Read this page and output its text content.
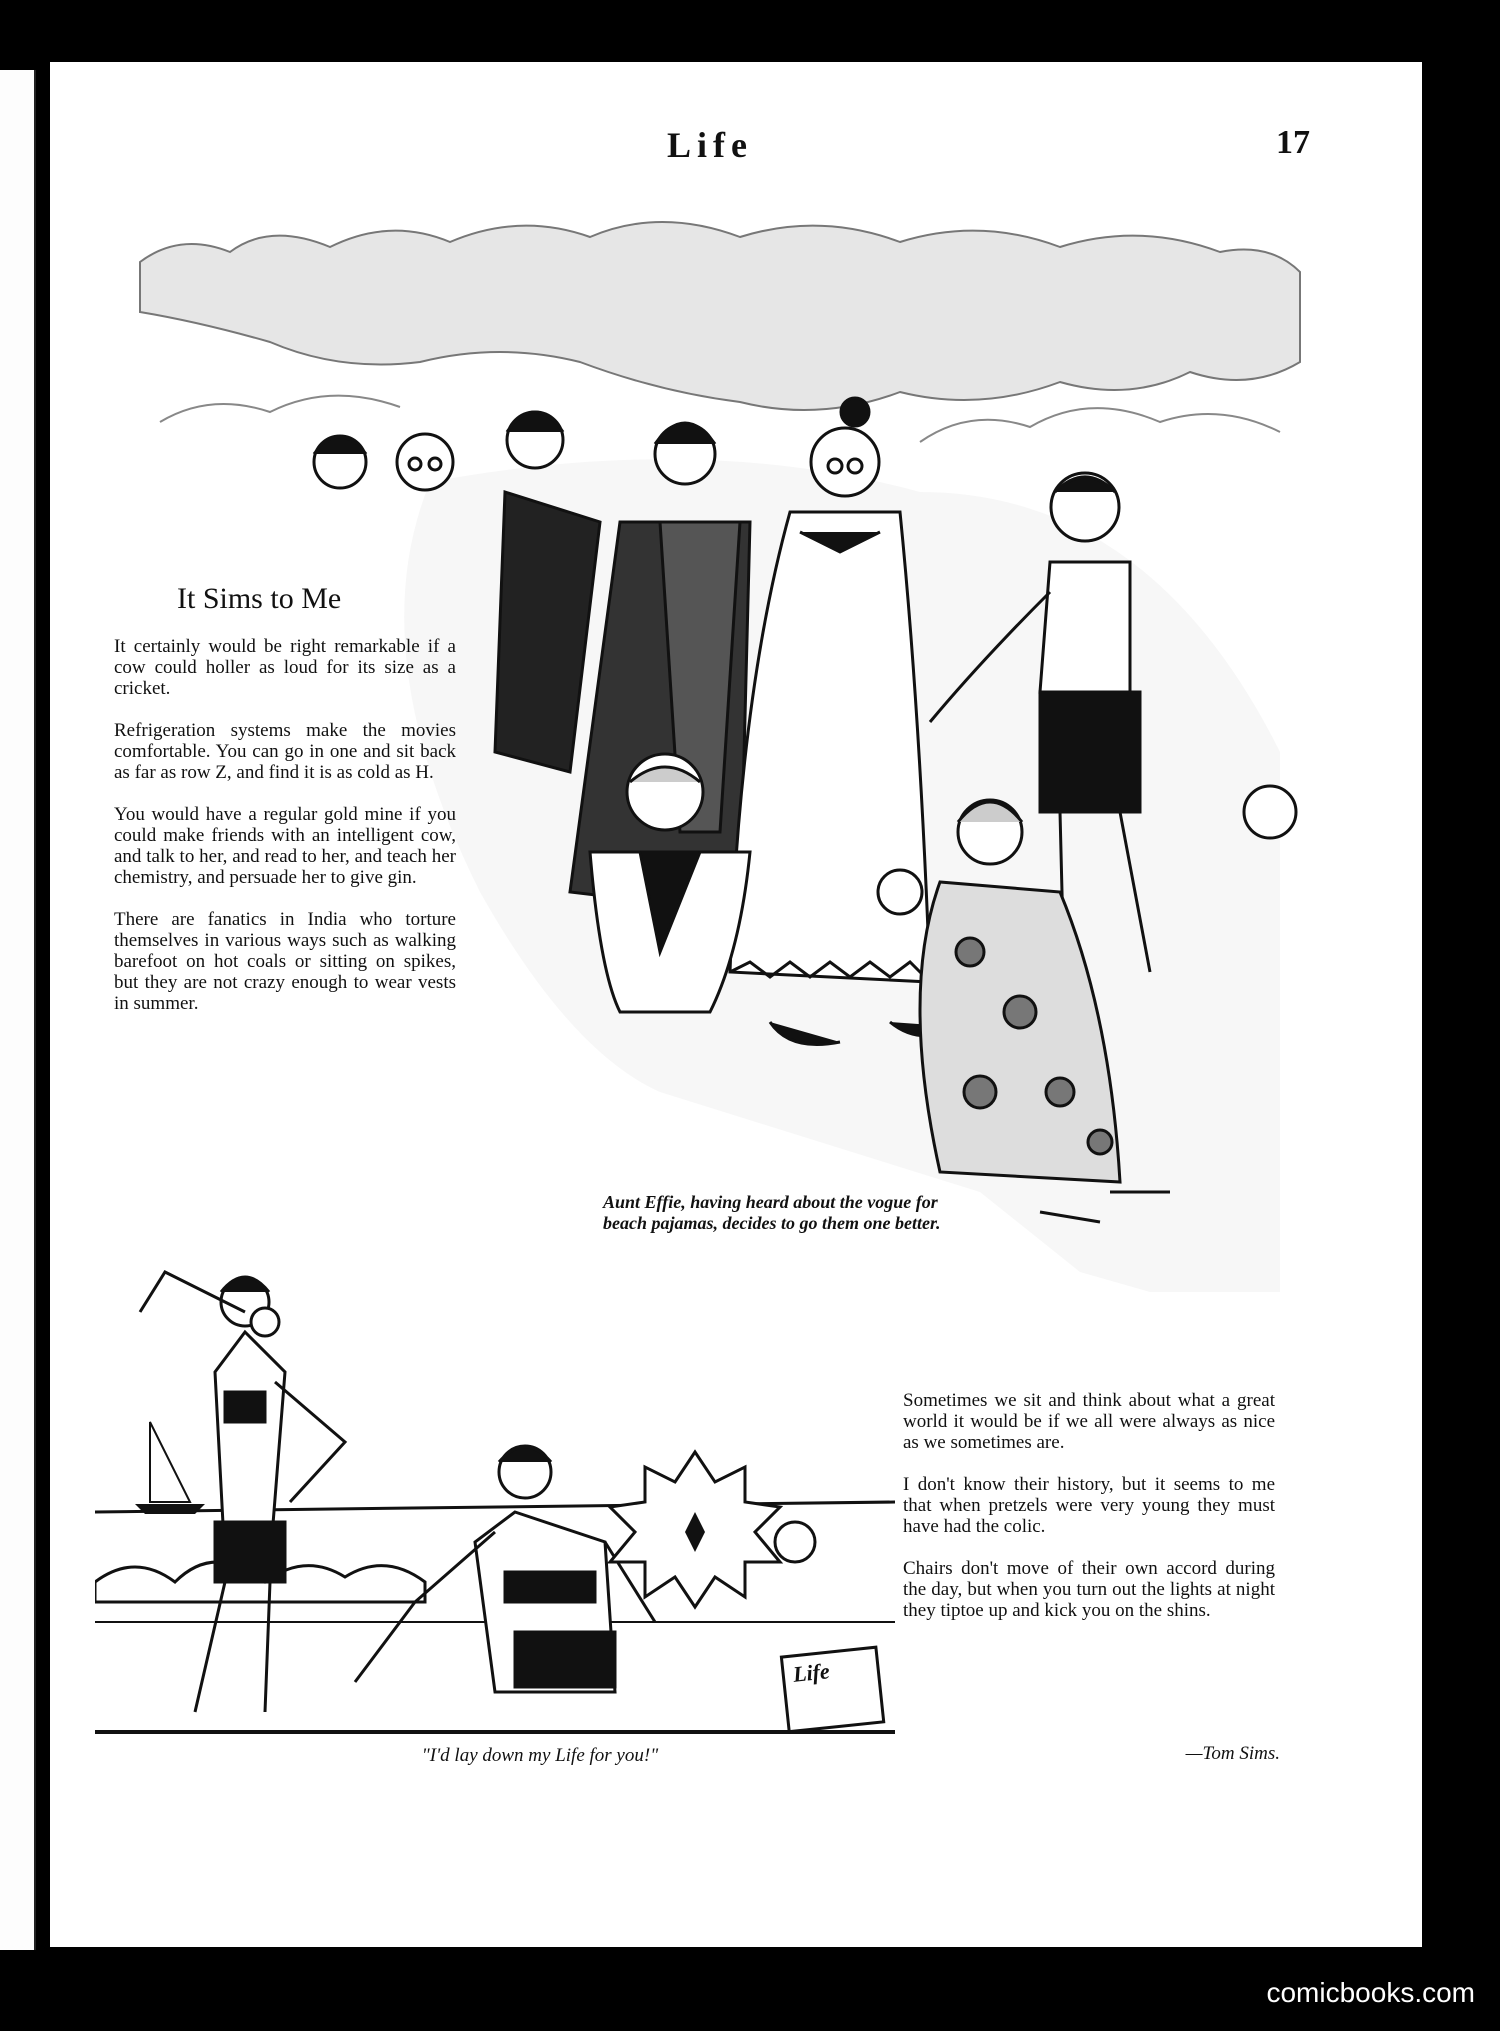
Life	17
It Sims to Me

It certainly would be right remarkable if a cow could holler as loud for its size as a cricket.

Refrigeration systems make the movies comfortable. You can go in one and sit back as far as row Z, and find it is as cold as H.

You would have a regular gold mine if you could make friends with an intelligent cow, and talk to her, and read to her, and teach her chemistry, and persuade her to give gin.

There are fanatics in India who torture themselves in various ways such as walking barefoot on hot coals or sitting on spikes, but they are not crazy enough to wear vests in summer.

Aunt Effie, having heard about the vogue for beach pajamas, decides to go them one better.
Life
"I'd lay down my Life for you!"

Sometimes we sit and think about what a great world it would be if we all were always as nice as we sometimes are.

I don't know their history, but it seems to me that when pretzels were very young they must have had the colic.

Chairs don't move of their own accord during the day, but when you turn out the lights at night they tiptoe up and kick you on the shins.

—Tom Sims.
comicbooks.com
